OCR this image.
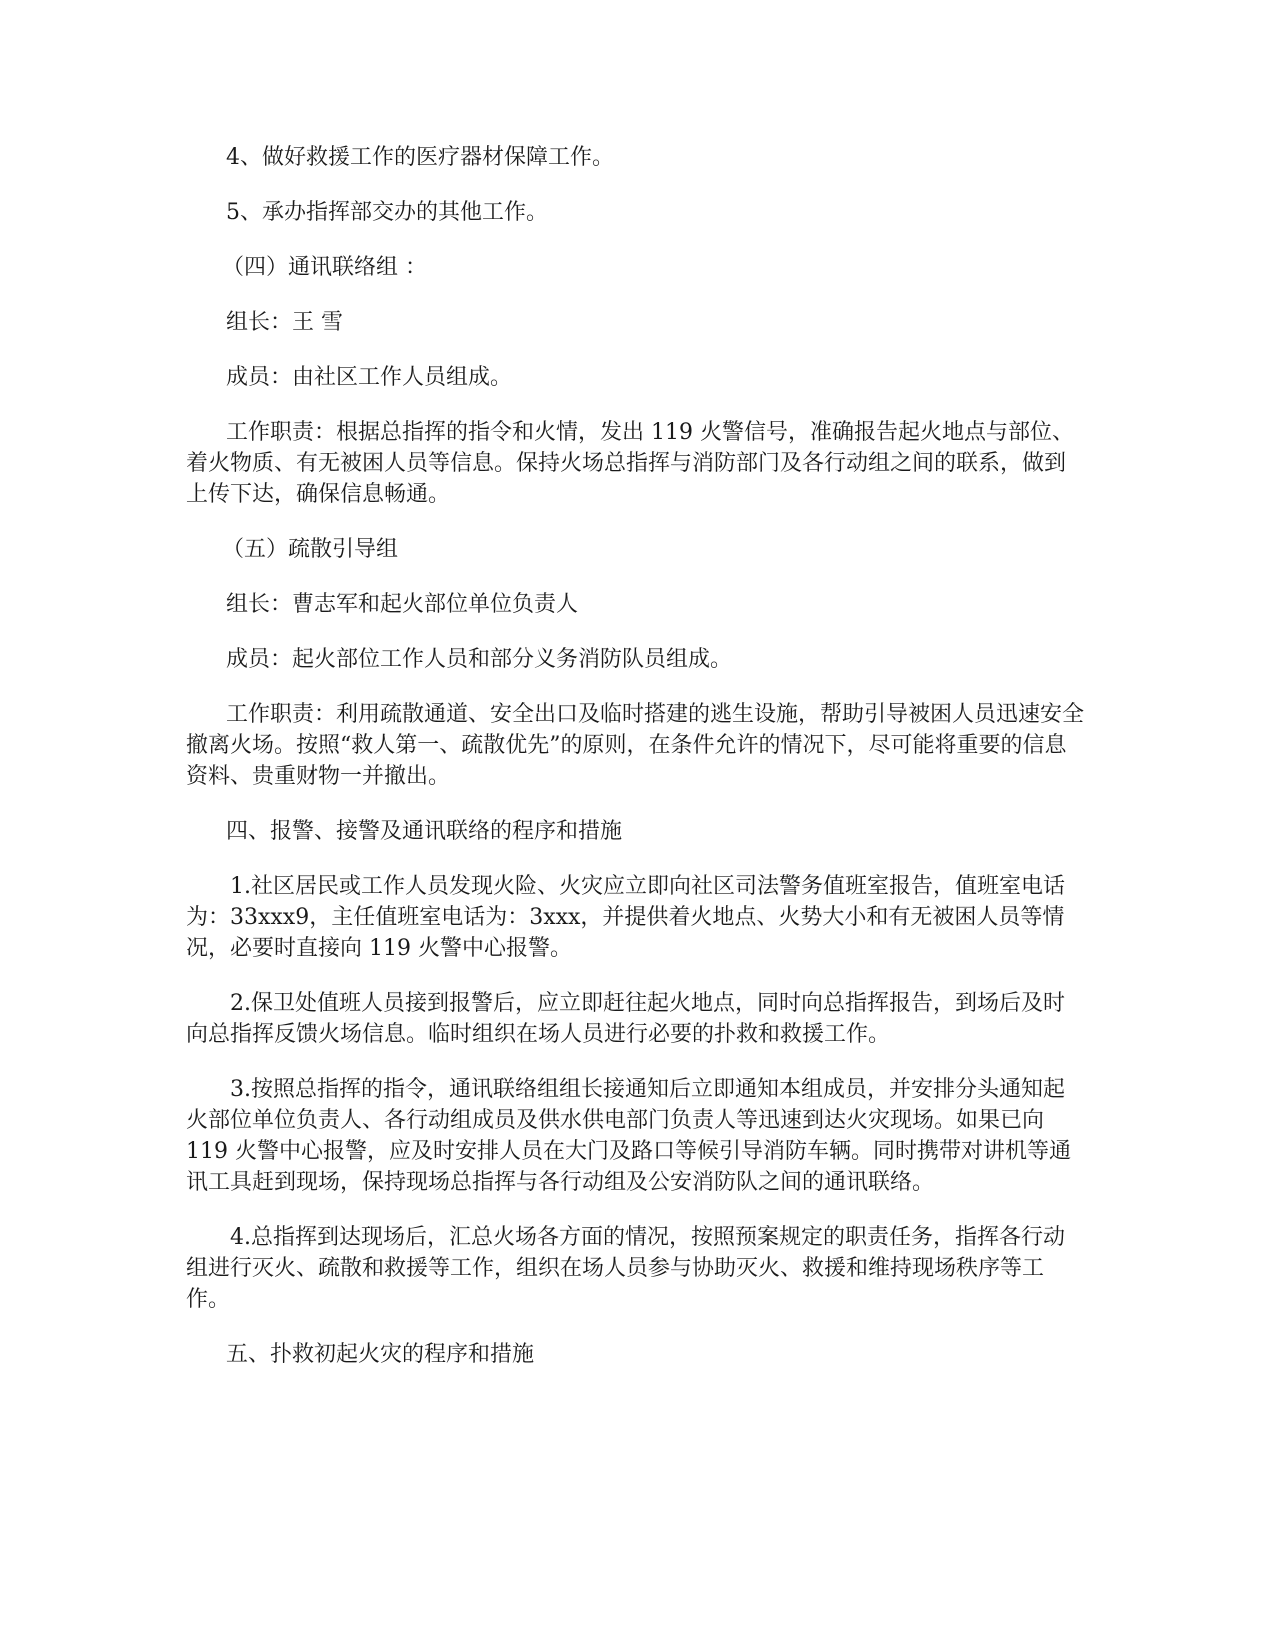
4、做好救援工作的医疗器材保障工作。

5、承办指挥部交办的其他工作。

（四）通讯联络组 ：

组长：王 雪

成员：由社区工作人员组成。

工作职责：根据总指挥的指令和火情，发出 119 火警信号，准确报告起火地点与部位、着火物质、有无被困人员等信息。保持火场总指挥与消防部门及各行动组之间的联系，做到上传下达，确保信息畅通。

（五）疏散引导组

组长：曹志军和起火部位单位负责人

成员：起火部位工作人员和部分义务消防队员组成。

工作职责：利用疏散通道、安全出口及临时搭建的逃生设施，帮助引导被困人员迅速安全撤离火场。按照“救人第一、疏散优先”的原则，在条件允许的情况下，尽可能将重要的信息资料、贵重财物一并撤出。

四、报警、接警及通讯联络的程序和措施

1.社区居民或工作人员发现火险、火灾应立即向社区司法警务值班室报告，值班室电话为：33xxx9，主任值班室电话为：3xxx，并提供着火地点、火势大小和有无被困人员等情况，必要时直接向 119 火警中心报警。

2.保卫处值班人员接到报警后，应立即赶往起火地点，同时向总指挥报告，到场后及时向总指挥反馈火场信息。临时组织在场人员进行必要的扑救和救援工作。

3.按照总指挥的指令，通讯联络组组长接通知后立即通知本组成员，并安排分头通知起火部位单位负责人、各行动组成员及供水供电部门负责人等迅速到达火灾现场。如果已向 119 火警中心报警，应及时安排人员在大门及路口等候引导消防车辆。同时携带对讲机等通讯工具赶到现场，保持现场总指挥与各行动组及公安消防队之间的通讯联络。

4.总指挥到达现场后，汇总火场各方面的情况，按照预案规定的职责任务，指挥各行动组进行灭火、疏散和救援等工作，组织在场人员参与协助灭火、救援和维持现场秩序等工作。

五、扑救初起火灾的程序和措施
